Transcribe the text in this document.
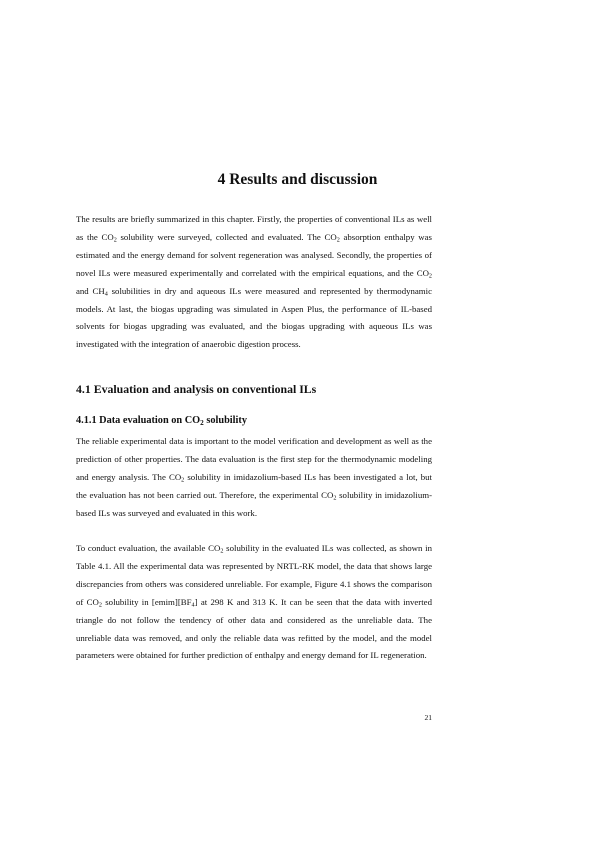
4 Results and discussion

The results are briefly summarized in this chapter. Firstly, the properties of conventional ILs as well as the $CO_2$ solubility were surveyed, collected and evaluated. The $CO_2$ absorption enthalpy was estimated and the energy demand for solvent regeneration was analysed. Secondly, the properties of novel ILs were measured experimentally and correlated with the empirical equations, and the $CO_2$ and $CH_4$ solubilities in dry and aqueous ILs were measured and represented by thermodynamic models. At last, the biogas upgrading was simulated in Aspen Plus, the performance of IL-based solvents for biogas upgrading was evaluated, and the biogas upgrading with aqueous ILs was investigated with the integration of anaerobic digestion process.

4.1 Evaluation and analysis on conventional ILs
4.1.1 Data evaluation on $CO_2$ solubility

The reliable experimental data is important to the model verification and development as well as the prediction of other properties. The data evaluation is the first step for the thermodynamic modeling and energy analysis. The $CO_2$ solubility in imidazolium-based ILs has been investigated a lot, but the evaluation has not been carried out. Therefore, the experimental $CO_2$ solubility in imidazolium-based ILs was surveyed and evaluated in this work.

To conduct evaluation, the available $CO_2$ solubility in the evaluated ILs was collected, as shown in Table 4.1. All the experimental data was represented by NRTL-RK model, the data that shows large discrepancies from others was considered unreliable. For example, Figure 4.1 shows the comparison of $CO_2$ solubility in $[emim][BF_4]$ at 298 K and 313 K. It can be seen that the data with inverted triangle do not follow the tendency of other data and considered as the unreliable data. The unreliable data was removed, and only the reliable data was refitted by the model, and the model parameters were obtained for further prediction of enthalpy and energy demand for IL regeneration.

21
